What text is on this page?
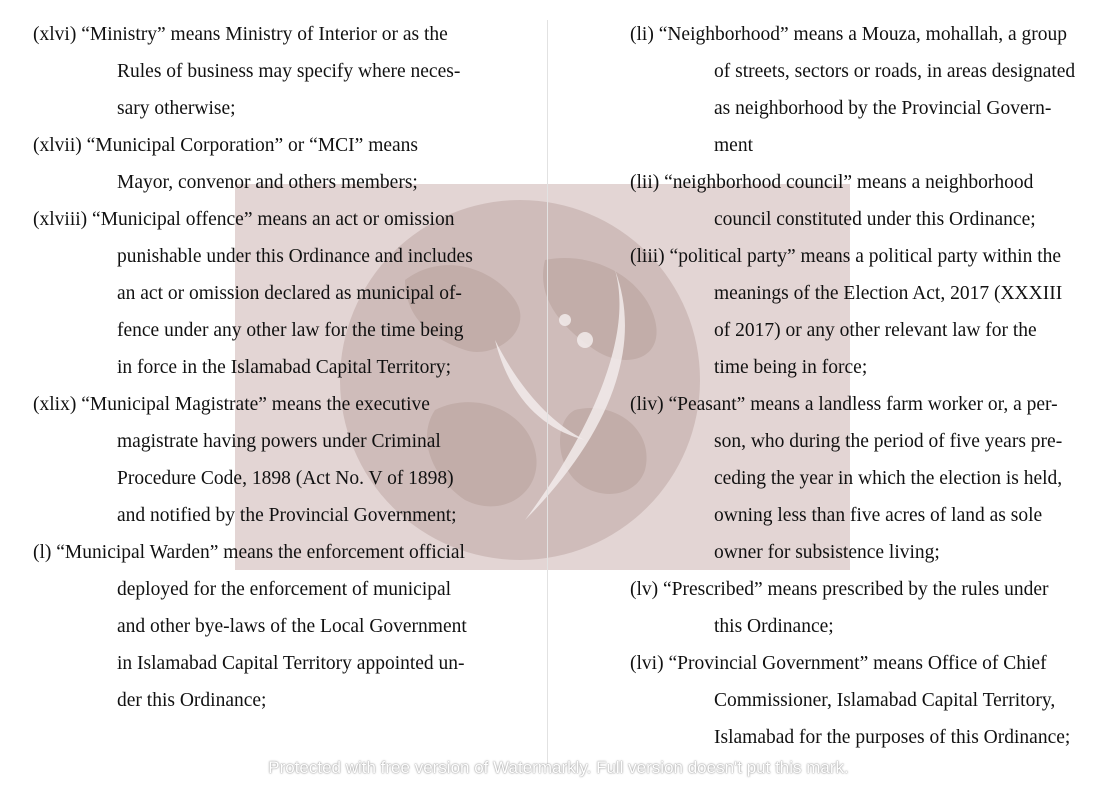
(xlvi) “Ministry” means Ministry of Interior or as the
Rules of business may specify where neces-
sary otherwise;
(xlvii) “Municipal Corporation” or “MCI” means
Mayor, convenor and others members;
(xlviii) “Municipal offence” means an act or omission
punishable under this Ordinance and includes
an act or omission declared as municipal of-
fence under any other law for the time being
in force in the Islamabad Capital Territory;
(xlix) “Municipal Magistrate” means the executive
magistrate having powers under Criminal
Procedure Code, 1898 (Act No. V of 1898)
and notified by the Provincial Government;
(l) “Municipal Warden” means the enforcement official
deployed for the enforcement of municipal
and other bye-laws of the Local Government
in Islamabad Capital Territory appointed un-
der this Ordinance;
(li) “Neighborhood” means a Mouza, mohallah, a group
of streets, sectors or roads, in areas designated
as neighborhood by the Provincial Govern-
ment
(lii) “neighborhood council” means a neighborhood
council constituted under this Ordinance;
(liii) “political party” means a political party within the
meanings of the Election Act, 2017 (XXXIII
of 2017) or any other relevant law for the
time being in force;
(liv) “Peasant” means a landless farm worker or, a per-
son, who during the period of five years pre-
ceding the year in which the election is held,
owning less than five acres of land as sole
owner for subsistence living;
(lv) “Prescribed” means prescribed by the rules under
this Ordinance;
(lvi) “Provincial Government” means Office of Chief
Commissioner, Islamabad Capital Territory,
Islamabad for the purposes of this Ordinance;
Protected with free version of Watermarkly. Full version doesn't put this mark.
